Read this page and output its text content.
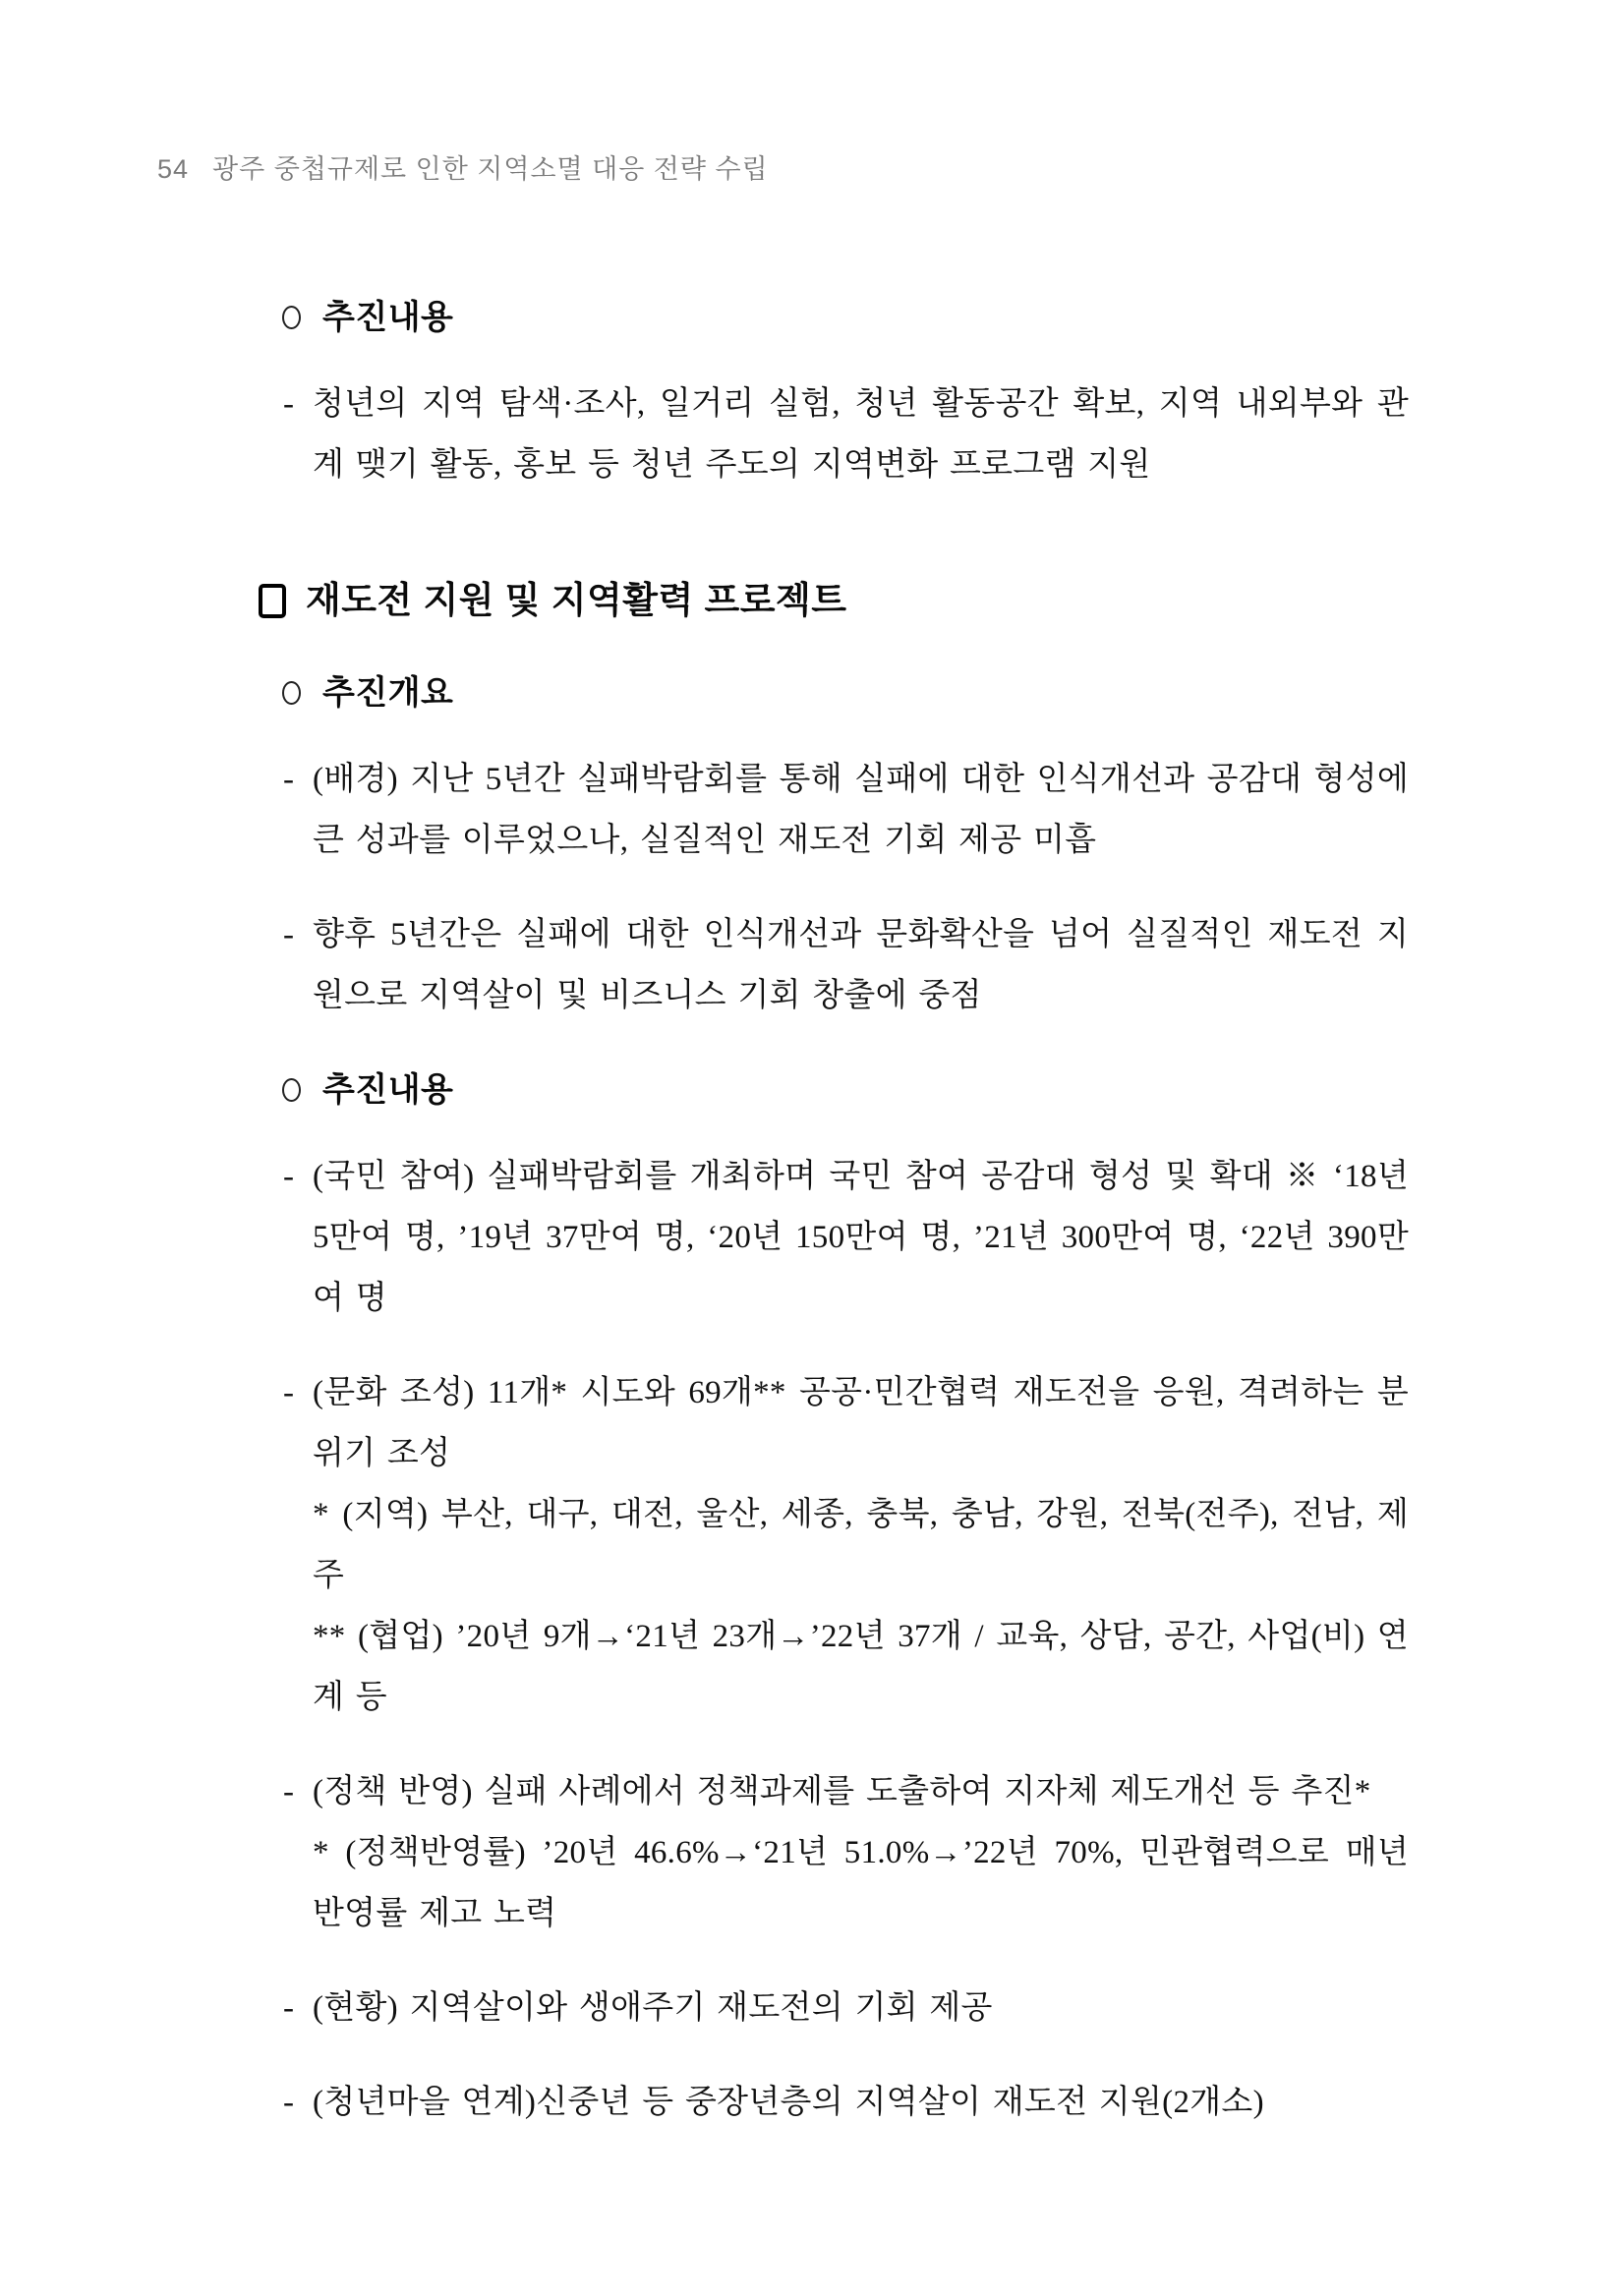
54 광주 중첩규제로 인한 지역소멸 대응 전략 수립
추진내용
- 청년의 지역 탐색·조사, 일거리 실험, 청년 활동공간 확보, 지역 내외부와 관계 맺기 활동, 홍보 등 청년 주도의 지역변화 프로그램 지원
재도전 지원 및 지역활력 프로젝트
추진개요
- (배경) 지난 5년간 실패박람회를 통해 실패에 대한 인식개선과 공감대 형성에 큰 성과를 이루었으나, 실질적인 재도전 기회 제공 미흡
- 향후 5년간은 실패에 대한 인식개선과 문화확산을 넘어 실질적인 재도전 지원으로 지역살이 및 비즈니스 기회 창출에 중점
추진내용
- (국민 참여) 실패박람회를 개최하며 국민 참여 공감대 형성 및 확대 ※ ‘18년 5만여 명, ’19년 37만여 명, ‘20년 150만여 명, ’21년 300만여 명, ‘22년 390만여 명
- (문화 조성) 11개* 시도와 69개** 공공·민간협력 재도전을 응원, 격려하는 분위기 조성
* (지역) 부산, 대구, 대전, 울산, 세종, 충북, 충남, 강원, 전북(전주), 전남, 제주
** (협업) ’20년 9개→‘21년 23개→’22년 37개 / 교육, 상담, 공간, 사업(비) 연계 등
- (정책 반영) 실패 사례에서 정책과제를 도출하여 지자체 제도개선 등 추진*
* (정책반영률) ’20년 46.6%→‘21년 51.0%→’22년 70%, 민관협력으로 매년 반영률 제고 노력
- (현황) 지역살이와 생애주기 재도전의 기회 제공
- (청년마을 연계)신중년 등 중장년층의 지역살이 재도전 지원(2개소)
